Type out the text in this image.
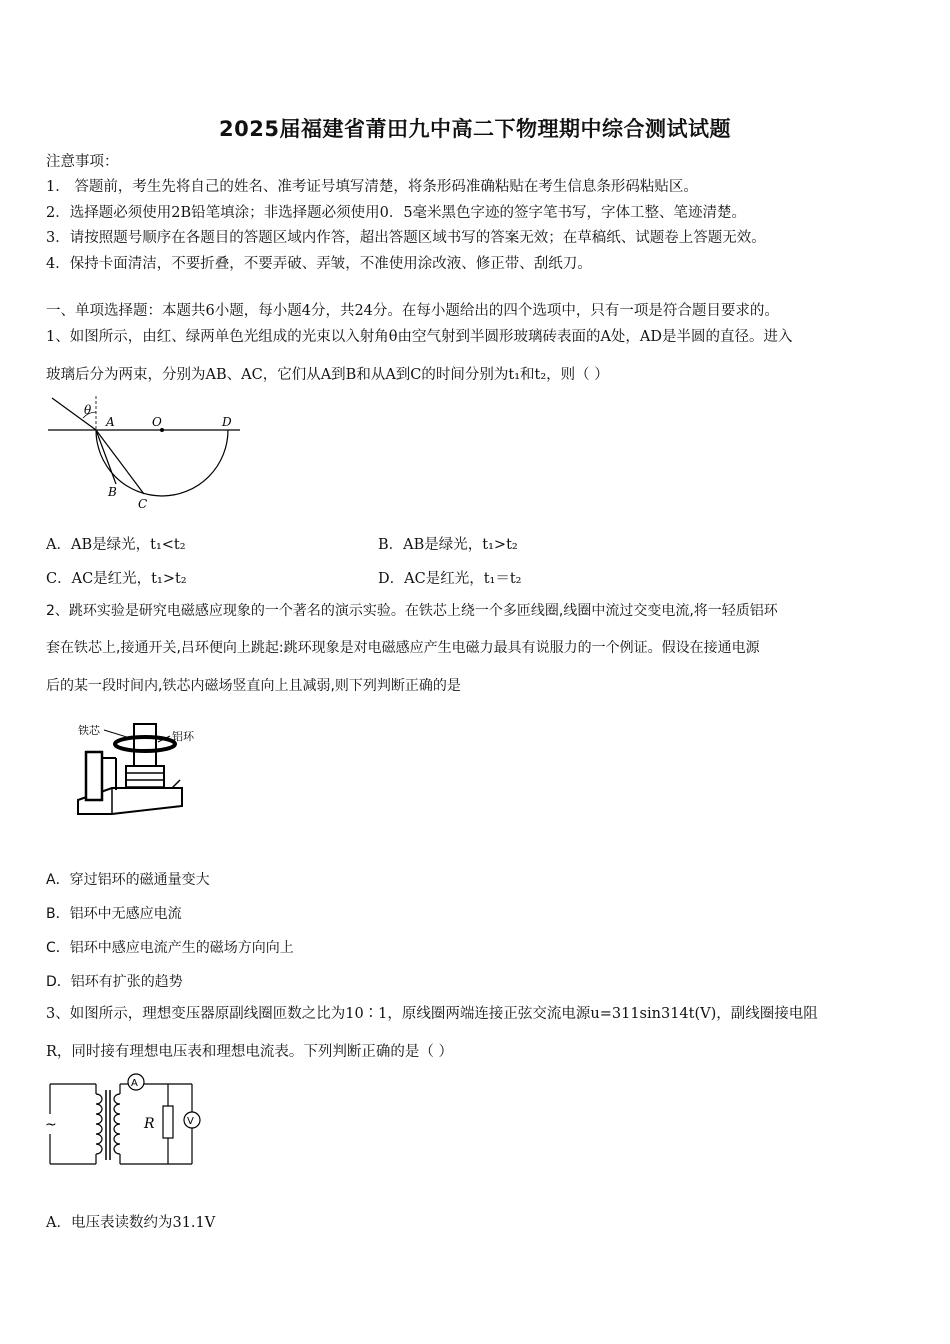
2025届福建省莆田九中高二下物理期中综合测试试题
注意事项：
1． 答题前，考生先将自己的姓名、准考证号填写清楚，将条形码准确粘贴在考生信息条形码粘贴区。
2．选择题必须使用2B铅笔填涂；非选择题必须使用0．5毫米黑色字迹的签字笔书写，字体工整、笔迹清楚。
3．请按照题号顺序在各题目的答题区域内作答，超出答题区域书写的答案无效；在草稿纸、试题卷上答题无效。
4．保持卡面清洁，不要折叠，不要弄破、弄皱，不准使用涂改液、修正带、刮纸刀。
一、单项选择题：本题共6小题，每小题4分，共24分。在每小题给出的四个选项中，只有一项是符合题目要求的。
1、如图所示，由红、绿两单色光组成的光束以入射角θ由空气射到半圆形玻璃砖表面的A处，AD是半圆的直径。进入
玻璃后分为两束，分别为AB、AC，它们从A到B和从A到C的时间分别为t₁和t₂，则（ ）
θ
A	O	D
B
C
A．AB是绿光，t₁<t₂	B．AB是绿光，t₁>t₂
C．AC是红光，t₁>t₂	D．AC是红光，t₁＝t₂
2、跳环实验是研究电磁感应现象的一个著名的演示实验。在铁芯上绕一个多匝线圈,线圈中流过交变电流,将一轻质铝环
套在铁芯上,接通开关,吕环便向上跳起:跳环现象是对电磁感应产生电磁力最具有说服力的一个例证。假设在接通电源
后的某一段时间内,铁芯内磁场竖直向上且减弱,则下列判断正确的是
铁芯	铝环
A．穿过铝环的磁通量变大
B．铝环中无感应电流
C．铝环中感应电流产生的磁场方向向上
D．铝环有扩张的趋势
3、如图所示，理想变压器原副线圈匝数之比为10∶1，原线圈两端连接正弦交流电源u=311sin314t(V)，副线圈接电阻
R，同时接有理想电压表和理想电流表。下列判断正确的是（ ）
~
A
R	V
A．电压表读数约为31.1V
